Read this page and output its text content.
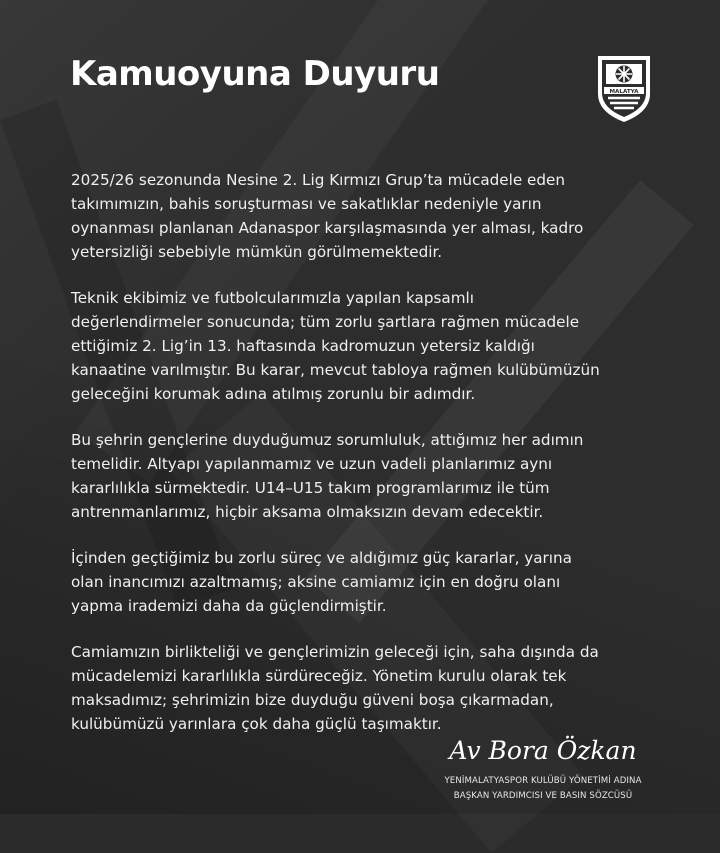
Kamuoyuna Duyuru	MALATYA

2025/26 sezonunda Nesine 2. Lig Kırmızı Grup’ta mücadele eden
takımımızın, bahis soruşturması ve sakatlıklar nedeniyle yarın
oynanması planlanan Adanaspor karşılaşmasında yer alması, kadro
yetersizliği sebebiyle mümkün görülmemektedir.

Teknik ekibimiz ve futbolcularımızla yapılan kapsamlı
değerlendirmeler sonucunda; tüm zorlu şartlara rağmen mücadele
ettiğimiz 2. Lig’in 13. haftasında kadromuzun yetersiz kaldığı
kanaatine varılmıştır. Bu karar, mevcut tabloya rağmen kulübümüzün
geleceğini korumak adına atılmış zorunlu bir adımdır.

Bu şehrin gençlerine duyduğumuz sorumluluk, attığımız her adımın
temelidir. Altyapı yapılanmamız ve uzun vadeli planlarımız aynı
kararlılıkla sürmektedir. U14–U15 takım programlarımız ile tüm
antrenmanlarımız, hiçbir aksama olmaksızın devam edecektir.

İçinden geçtiğimiz bu zorlu süreç ve aldığımız güç kararlar, yarına
olan inancımızı azaltmamış; aksine camiamız için en doğru olanı
yapma irademizi daha da güçlendirmiştir.

Camiamızın birlikteliği ve gençlerimizin geleceği için, saha dışında da
mücadelemizi kararlılıkla sürdüreceğiz. Yönetim kurulu olarak tek
maksadımız; şehrimizin bize duyduğu güveni boşa çıkarmadan,
kulübümüzü yarınlara çok daha güçlü taşımaktır.

Av Bora Özkan
YENİMALATYASPOR KULÜBÜ YÖNETİMİ ADINA
BAŞKAN YARDIMCISI VE BASIN SÖZCÜSÜ
